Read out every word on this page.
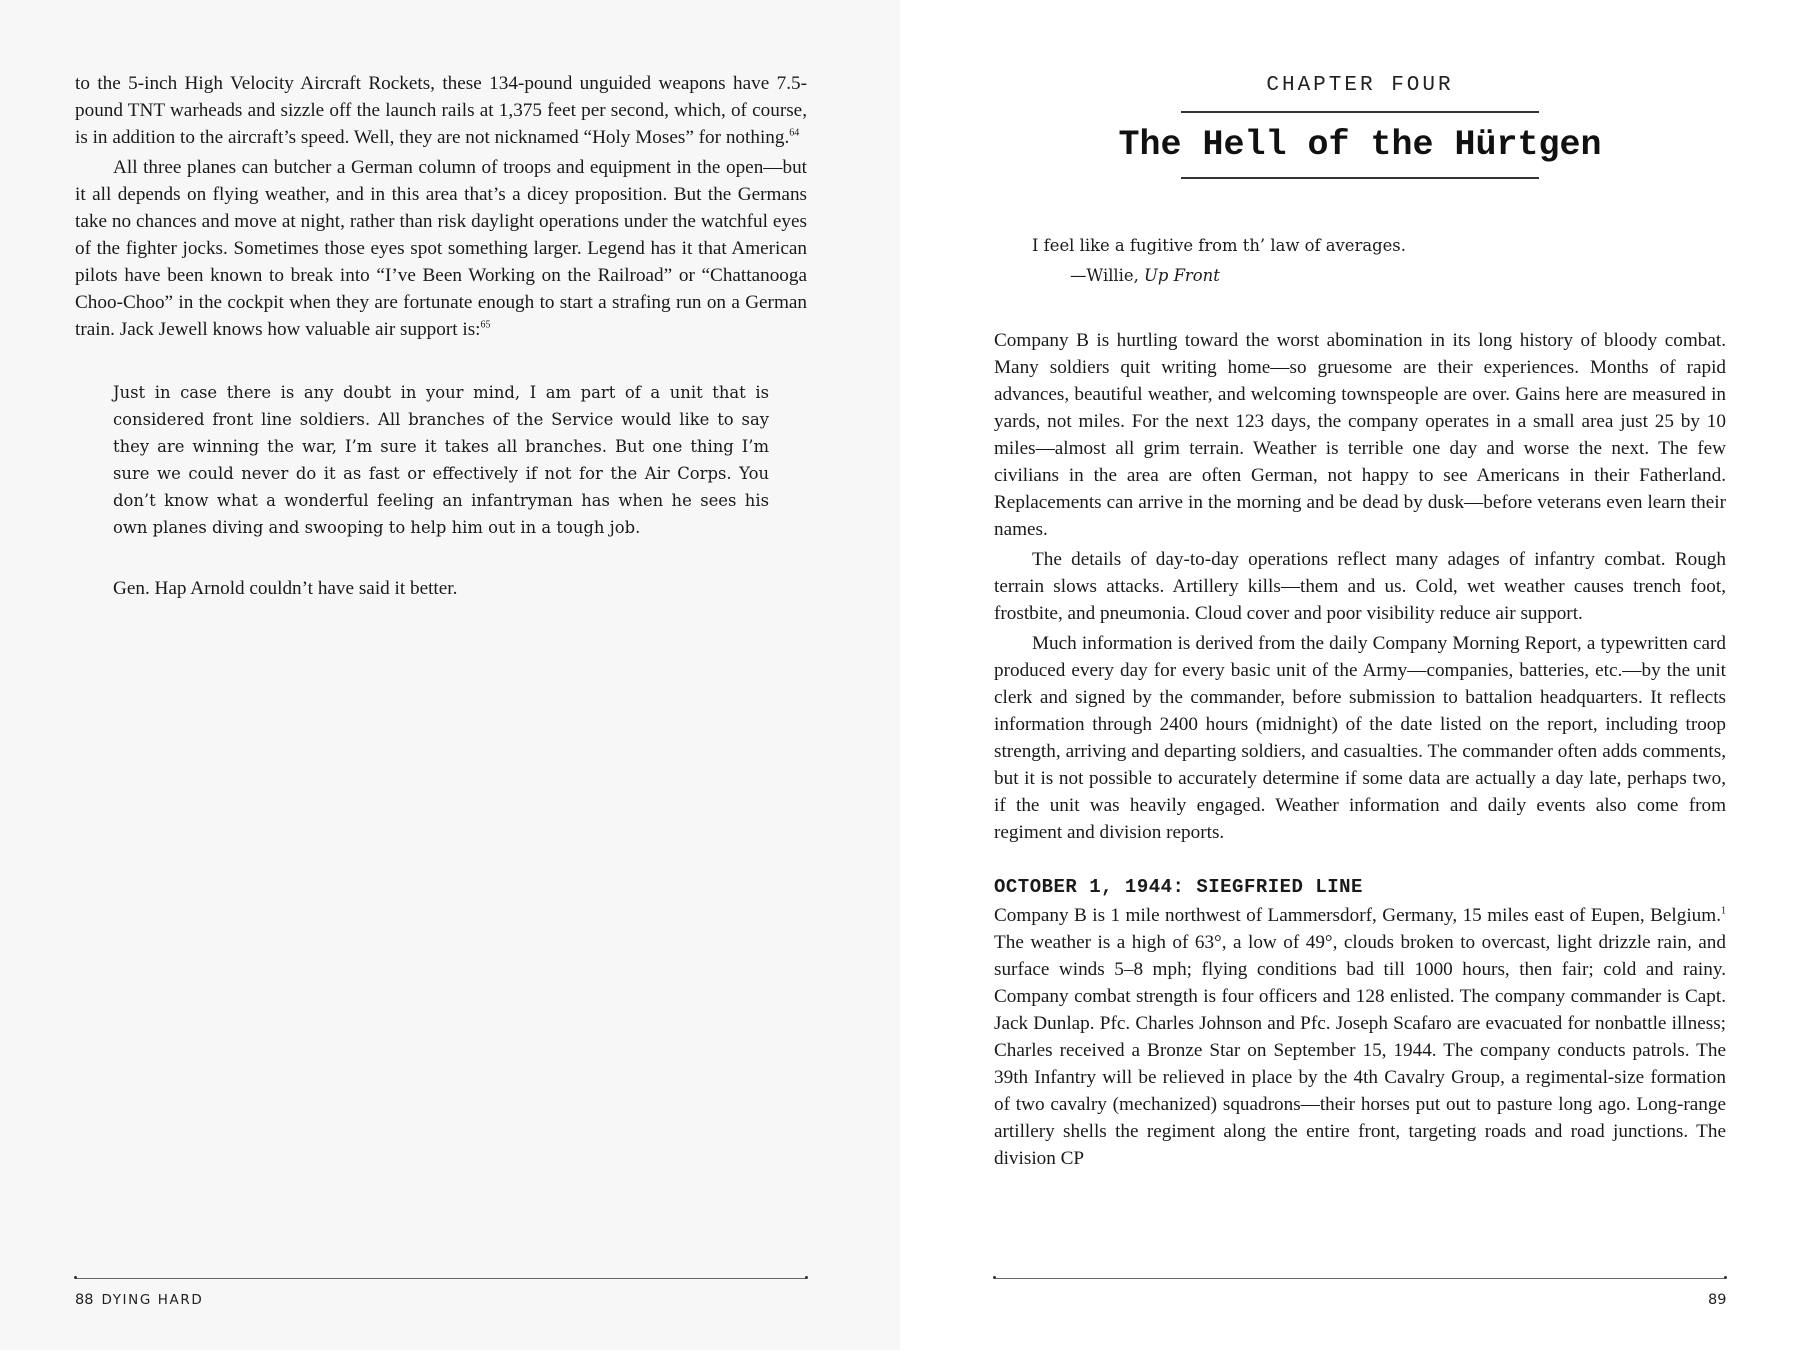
to the 5-inch High Velocity Aircraft Rockets, these 134-pound unguided weapons have 7.5-pound TNT warheads and sizzle off the launch rails at 1,375 feet per second, which, of course, is in addition to the aircraft’s speed. Well, they are not nicknamed “Holy Moses” for nothing.$^{64}$

All three planes can butcher a German column of troops and equipment in the open—but it all depends on flying weather, and in this area that’s a dicey proposition. But the Germans take no chances and move at night, rather than risk daylight operations under the watchful eyes of the fighter jocks. Sometimes those eyes spot something larger. Legend has it that American pilots have been known to break into “I’ve Been Working on the Railroad” or “Chattanooga Choo-Choo” in the cockpit when they are fortunate enough to start a strafing run on a German train. Jack Jewell knows how valuable air support is:$^{65}$

Just in case there is any doubt in your mind, I am part of a unit that is considered front line soldiers. All branches of the Service would like to say they are winning the war, I’m sure it takes all branches. But one thing I’m sure we could never do it as fast or effectively if not for the Air Corps. You don’t know what a wonderful feeling an infantryman has when he sees his own planes diving and swooping to help him out in a tough job.

Gen. Hap Arnold couldn’t have said it better.

88 DYING HARD
CHAPTER FOUR
The Hell of the Hürtgen
I feel like a fugitive from th’ law of averages.
—Willie, Up Front

Company B is hurtling toward the worst abomination in its long history of bloody combat. Many soldiers quit writing home—so gruesome are their experiences. Months of rapid advances, beautiful weather, and welcoming townspeople are over. Gains here are measured in yards, not miles. For the next 123 days, the company operates in a small area just 25 by 10 miles—almost all grim terrain. Weather is terrible one day and worse the next. The few civilians in the area are often German, not happy to see Americans in their Fatherland. Replacements can arrive in the morning and be dead by dusk—before veterans even learn their names.

The details of day-to-day operations reflect many adages of infantry combat. Rough terrain slows attacks. Artillery kills—them and us. Cold, wet weather causes trench foot, frostbite, and pneumonia. Cloud cover and poor visibility reduce air support.

Much information is derived from the daily Company Morning Report, a typewritten card produced every day for every basic unit of the Army—companies, batteries, etc.—by the unit clerk and signed by the commander, before submission to battalion headquarters. It reflects information through 2400 hours (midnight) of the date listed on the report, including troop strength, arriving and departing soldiers, and casualties. The commander often adds comments, but it is not possible to accurately determine if some data are actually a day late, perhaps two, if the unit was heavily engaged. Weather information and daily events also come from regiment and division reports.

OCTOBER 1, 1944: SIEGFRIED LINE

Company B is 1 mile northwest of Lammersdorf, Germany, 15 miles east of Eupen, Belgium.$^1$ The weather is a high of 63°, a low of 49°, clouds broken to overcast, light drizzle rain, and surface winds 5–8 mph; flying conditions bad till 1000 hours, then fair; cold and rainy. Company combat strength is four officers and 128 enlisted. The company commander is Capt. Jack Dunlap. Pfc. Charles Johnson and Pfc. Joseph Scafaro are evacuated for nonbattle illness; Charles received a Bronze Star on September 15, 1944. The company conducts patrols. The 39th Infantry will be relieved in place by the 4th Cavalry Group, a regimental-size formation of two cavalry (mechanized) squadrons—their horses put out to pasture long ago. Long-range artillery shells the regiment along the entire front, targeting roads and road junctions. The division CP

89
